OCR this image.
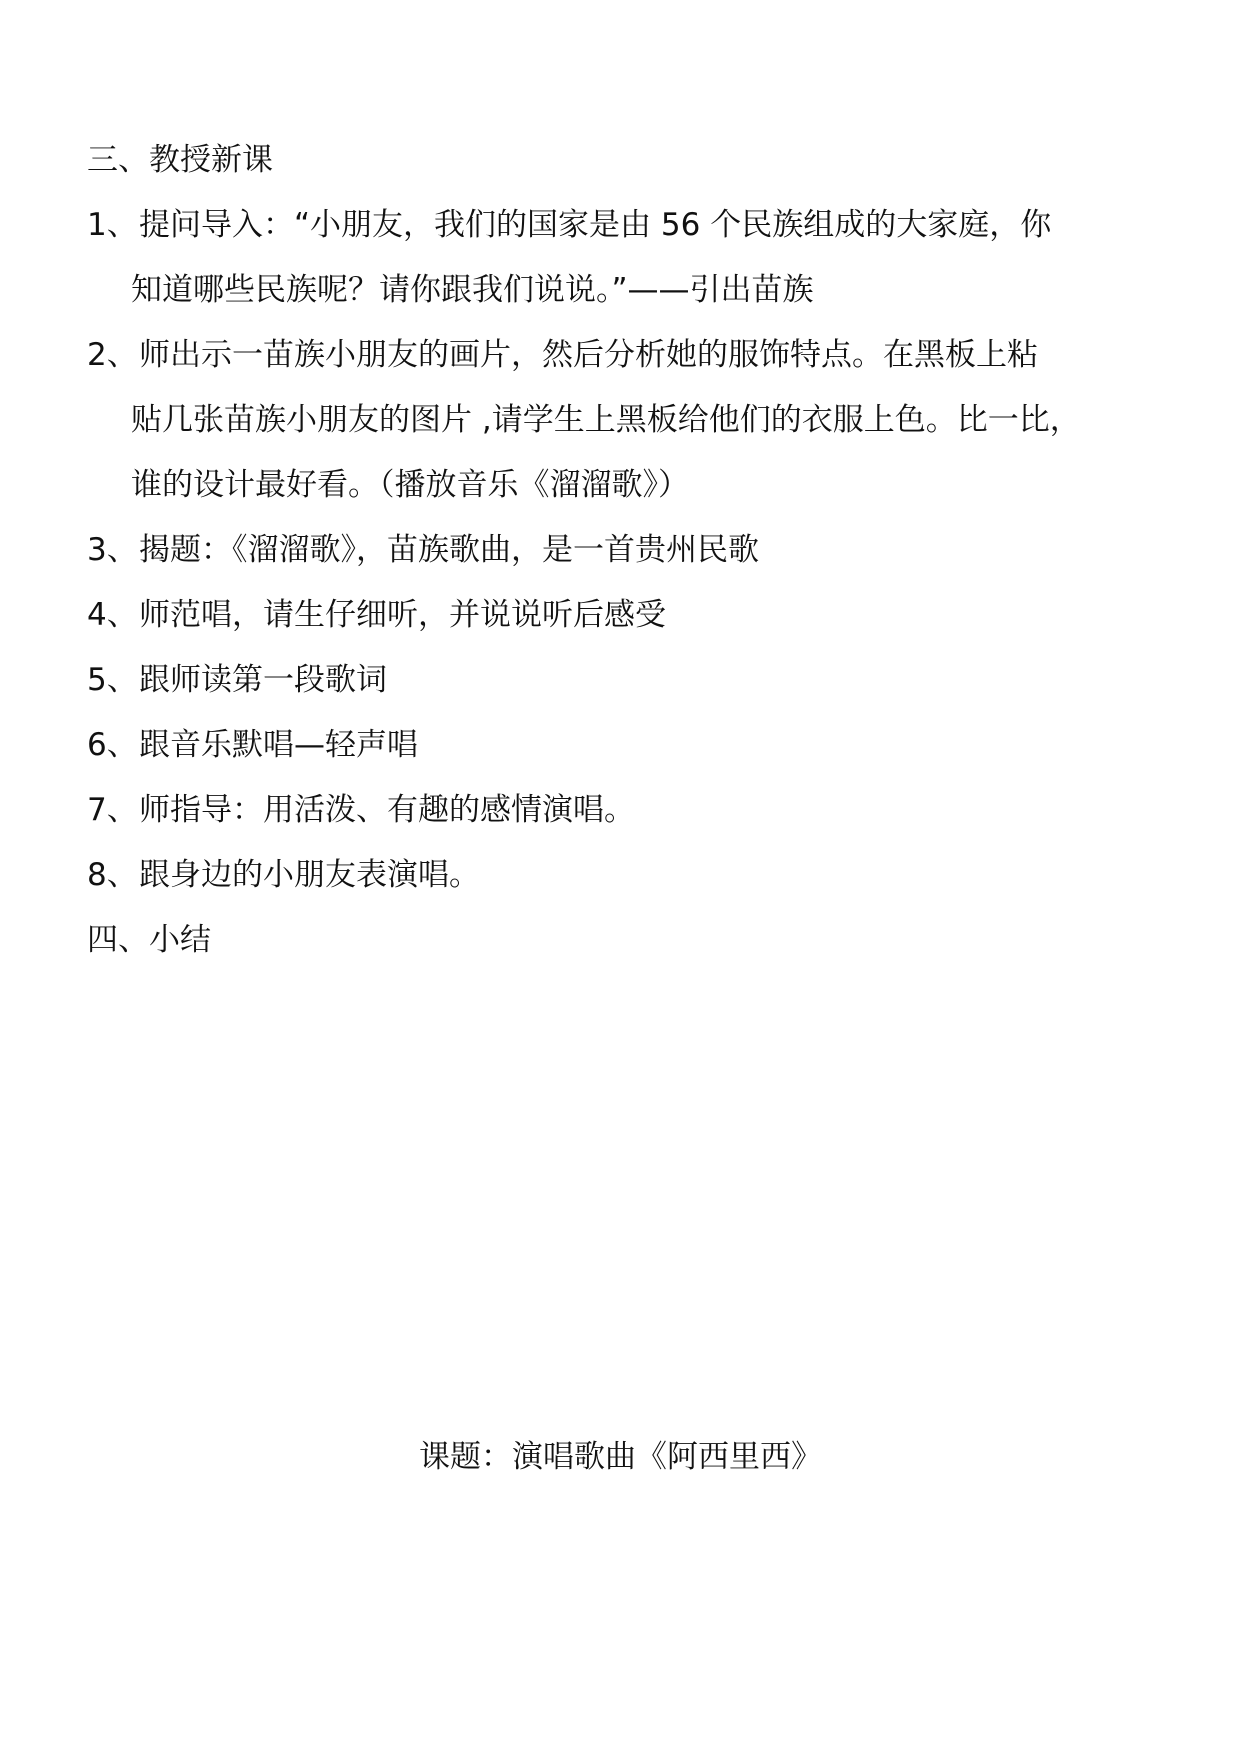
三、教授新课
1、提问导入：“小朋友，我们的国家是由 56 个民族组成的大家庭，你
知道哪些民族呢？请你跟我们说说。”——引出苗族
2、师出示一苗族小朋友的画片，然后分析她的服饰特点。在黑板上粘
贴几张苗族小朋友的图片 ,请学生上黑板给他们的衣服上色。比一比，
谁的设计最好看。（播放音乐《溜溜歌》）
3、揭题：《溜溜歌》，苗族歌曲，是一首贵州民歌
4、师范唱，请生仔细听，并说说听后感受
5、跟师读第一段歌词
6、跟音乐默唱—轻声唱
7、师指导：用活泼、有趣的感情演唱。
8、跟身边的小朋友表演唱。
四、小结
课题：演唱歌曲《阿西里西》
